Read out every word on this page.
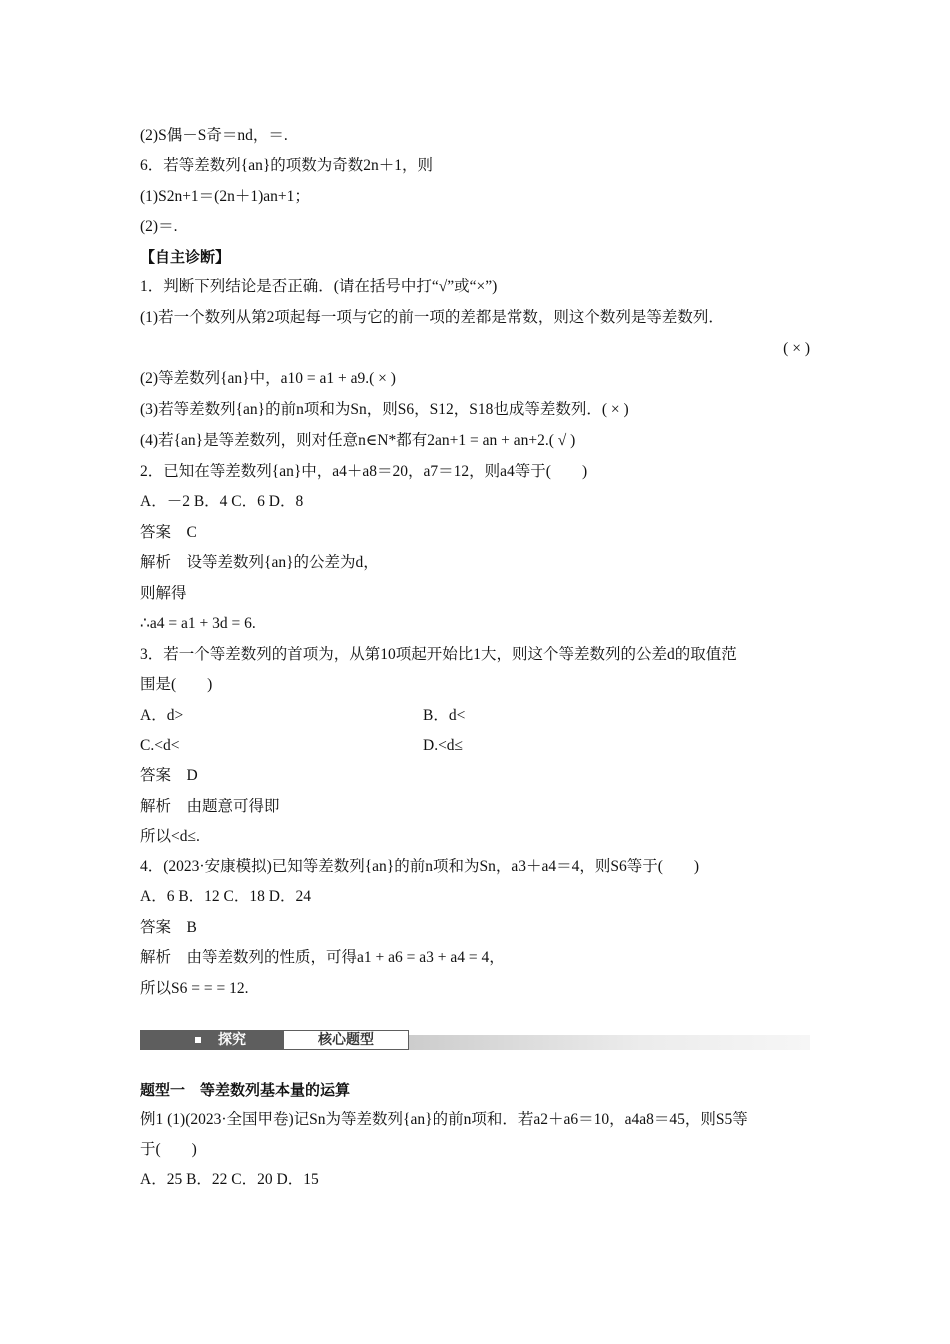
(2)S偶－S奇＝nd，＝.
6．若等差数列{an}的项数为奇数2n＋1，则
(1)S2n+1＝(2n＋1)an+1；
(2)＝.
【自主诊断】
1．判断下列结论是否正确．(请在括号中打“√”或“×”)
(1)若一个数列从第2项起每一项与它的前一项的差都是常数，则这个数列是等差数列．
( × )
(2)等差数列{an}中，a10 = a1 + a9.( × )
(3)若等差数列{an}的前n项和为Sn，则S6，S12，S18也成等差数列．( × )
(4)若{an}是等差数列，则对任意n∈N*都有2an+1 = an + an+2.( √ )
2．已知在等差数列{an}中，a4＋a8＝20，a7＝12，则a4等于(　　)
A．－2 B．4 C．6 D．8
答案　C
解析　设等差数列{an}的公差为d，
则解得
∴a4 = a1 + 3d = 6.
3．若一个等差数列的首项为，从第10项起开始比1大，则这个等差数列的公差d的取值范
围是(　　)
A．d>	B．d<
C.<d<	D.<d≤
答案　D
解析　由题意可得即
所以<d≤.
4．(2023·安康模拟)已知等差数列{an}的前n项和为Sn，a3＋a4＝4，则S6等于(　　)
A．6 B．12 C．18 D．24
答案　B
解析　由等差数列的性质，可得a1 + a6 = a3 + a4 = 4，
所以S6 = = = 12.
探究	核心题型
题型一　等差数列基本量的运算
例1 (1)(2023·全国甲卷)记Sn为等差数列{an}的前n项和．若a2＋a6＝10，a4a8＝45，则S5等
于(　　)
A．25 B．22 C．20 D．15
